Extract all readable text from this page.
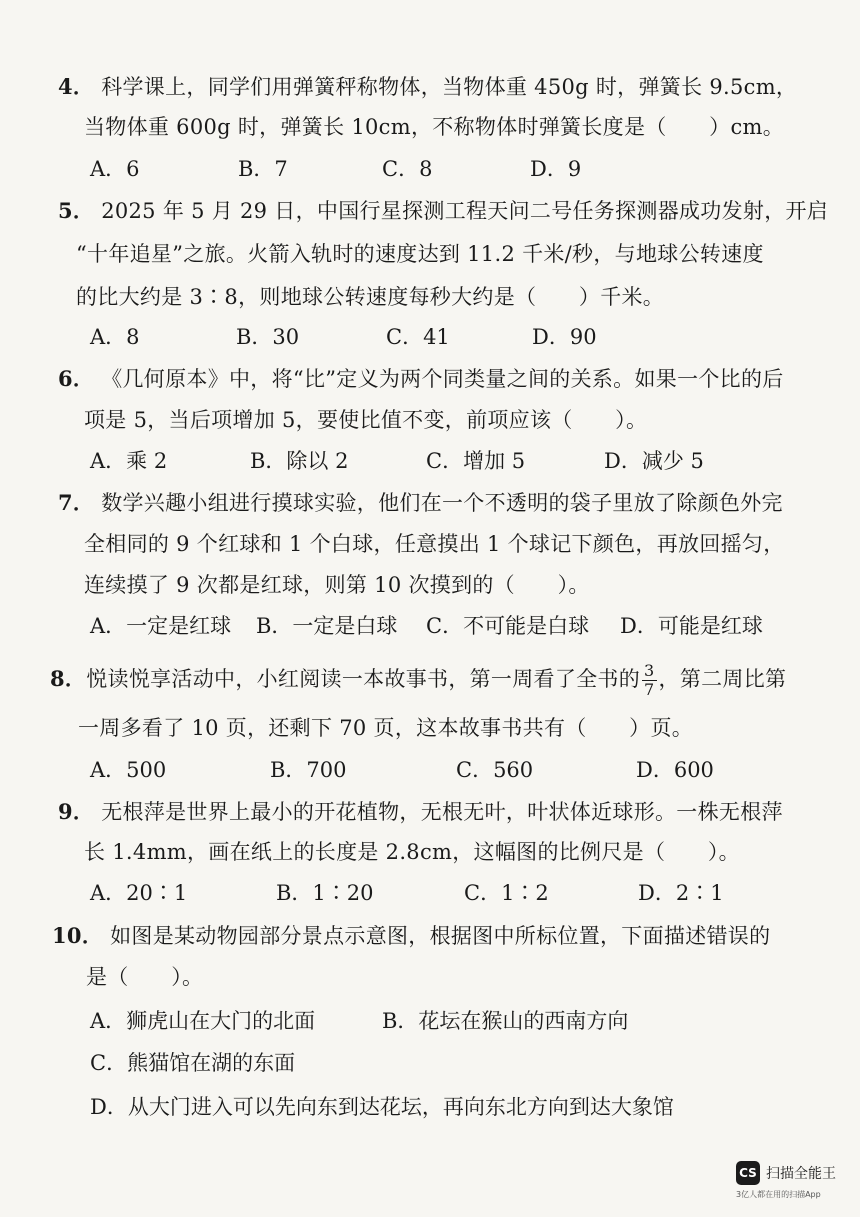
4． 科学课上，同学们用弹簧秤称物体，当物体重 450g 时，弹簧长 9.5cm，
当物体重 600g 时，弹簧长 10cm，不称物体时弹簧长度是（　　）cm。
A．6	B．7	C．8	D．9
5． 2025 年 5 月 29 日，中国行星探测工程天问二号任务探测器成功发射，开启
“十年追星”之旅。火箭入轨时的速度达到 11.2 千米/秒，与地球公转速度
的比大约是 3∶8，则地球公转速度每秒大约是（　　）千米。
A．8	B．30	C．41	D．90
6． 《几何原本》中，将“比”定义为两个同类量之间的关系。如果一个比的后
项是 5，当后项增加 5，要使比值不变，前项应该（　　）。
A．乘 2	B．除以 2	C．增加 5	D．减少 5
7． 数学兴趣小组进行摸球实验，他们在一个不透明的袋子里放了除颜色外完
全相同的 9 个红球和 1 个白球，任意摸出 1 个球记下颜色，再放回摇匀，
连续摸了 9 次都是红球，则第 10 次摸到的（　　）。
A．一定是红球 B．一定是白球 C．不可能是白球 D．可能是红球
8．悦读悦享活动中，小红阅读一本故事书，第一周看了全书的 $\frac{3}{7}$ ，第二周比第
一周多看了 10 页，还剩下 70 页，这本故事书共有（　　）页。
A．500	B．700	C．560	D．600
9． 无根萍是世界上最小的开花植物，无根无叶，叶状体近球形。一株无根萍
长 1.4mm，画在纸上的长度是 2.8cm，这幅图的比例尺是（　　）。
A．20∶1	B．1∶20	C．1∶2	D．2∶1
10． 如图是某动物园部分景点示意图，根据图中所标位置，下面描述错误的
是（　　）。
A．狮虎山在大门的北面	B．花坛在猴山的西南方向
C．熊猫馆在湖的东面
D．从大门进入可以先向东到达花坛，再向东北方向到达大象馆
CS 扫描全能王
3亿人都在用的扫描App
